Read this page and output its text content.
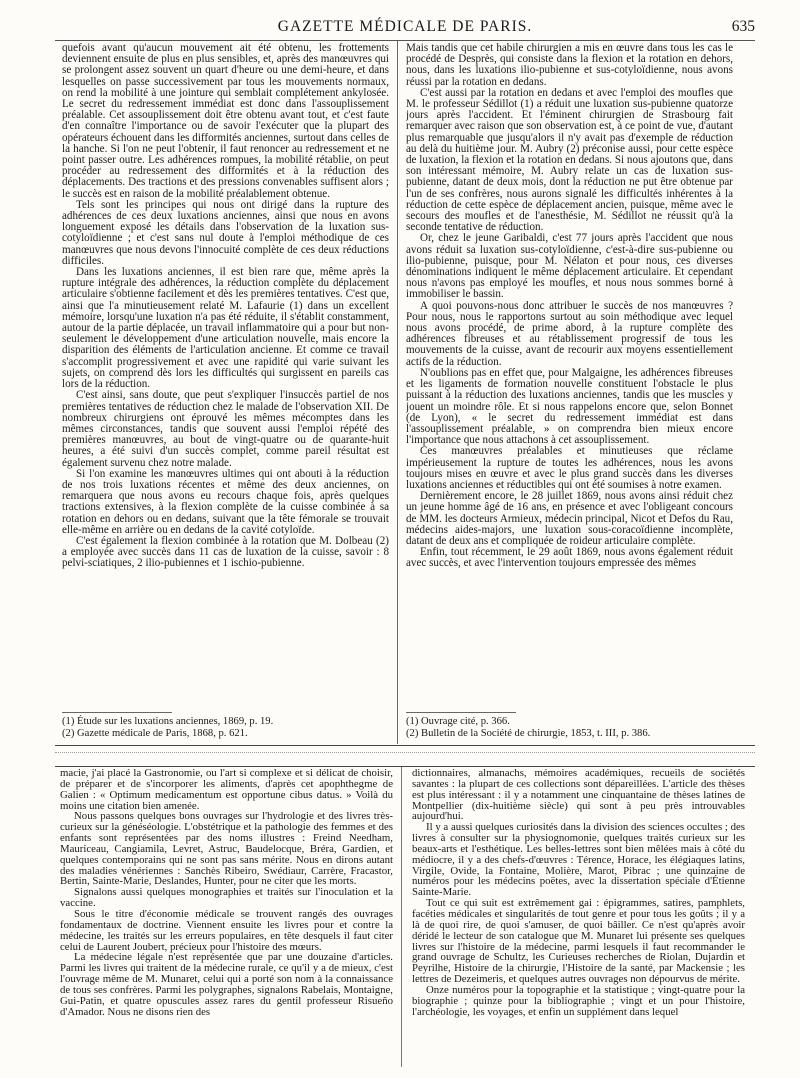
GAZETTE MÉDICALE DE PARIS.	635

quefois avant qu'aucun mouvement ait été obtenu, les frottements deviennent ensuite de plus en plus sensibles, et, après des manœuvres qui se prolongent assez souvent un quart d'heure ou une demi-heure, et dans lesquelles on passe successivement par tous les mouvements normaux, on rend la mobilité à une jointure qui semblait complétement ankylosée. Le secret du redressement immédiat est donc dans l'assouplissement préalable. Cet assouplissement doit être obtenu avant tout, et c'est faute d'en connaître l'importance ou de savoir l'exécuter que la plupart des opérateurs échouent dans les difformités anciennes, surtout dans celles de la hanche. Si l'on ne peut l'obtenir, il faut renoncer au redressement et ne point passer outre. Les adhérences rompues, la mobilité rétablie, on peut procéder au redressement des difformités et à la réduction des déplacements. Des tractions et des pressions convenables suffisent alors ; le succès est en raison de la mobilité préalablement obtenue.

Tels sont les principes qui nous ont dirigé dans la rupture des adhérences de ces deux luxations anciennes, ainsi que nous en avons longuement exposé les détails dans l'observation de la luxation sus-cotyloïdienne ; et c'est sans nul doute à l'emploi méthodique de ces manœuvres que nous devons l'innocuité complète de ces deux réductions difficiles.

Dans les luxations anciennes, il est bien rare que, même après la rupture intégrale des adhérences, la réduction complète du déplacement articulaire s'obtienne facilement et dès les premières tentatives. C'est que, ainsi que l'a minutieusement relaté M. Lafaurie (1) dans un excellent mémoire, lorsqu'une luxation n'a pas été réduite, il s'établit constamment, autour de la partie déplacée, un travail inflammatoire qui a pour but non-seulement le développement d'une articulation nouvelle, mais encore la disparition des éléments de l'articulation ancienne. Et comme ce travail s'accomplit progressivement et avec une rapidité qui varie suivant les sujets, on comprend dès lors les difficultés qui surgissent en pareils cas lors de la réduction.

C'est ainsi, sans doute, que peut s'expliquer l'insuccès partiel de nos premières tentatives de réduction chez le malade de l'observation XII. De nombreux chirurgiens ont éprouvé les mêmes mécomptes dans les mêmes circonstances, tandis que souvent aussi l'emploi répété des premières manœuvres, au bout de vingt-quatre ou de quarante-huit heures, a été suivi d'un succès complet, comme pareil résultat est également survenu chez notre malade.

Si l'on examine les manœuvres ultimes qui ont abouti à la réduction de nos trois luxations récentes et même des deux anciennes, on remarquera que nous avons eu recours chaque fois, après quelques tractions extensives, à la flexion complète de la cuisse combinée à sa rotation en dehors ou en dedans, suivant que la tête fémorale se trouvait elle-même en arrière ou en dedans de la cavité cotyloïde.

C'est également la flexion combinée à la rotation que M. Dolbeau (2) a employée avec succès dans 11 cas de luxation de la cuisse, savoir : 8 pelvi-sciatiques, 2 ilio-pubiennes et 1 ischio-pubienne.

Mais tandis que cet habile chirurgien a mis en œuvre dans tous les cas le procédé de Desprès, qui consiste dans la flexion et la rotation en dehors, nous, dans les luxations ilio-pubienne et sus-cotyloïdienne, nous avons réussi par la rotation en dedans.

C'est aussi par la rotation en dedans et avec l'emploi des moufles que M. le professeur Sédillot (1) a réduit une luxation sus-pubienne quatorze jours après l'accident. Et l'éminent chirurgien de Strasbourg fait remarquer avec raison que son observation est, à ce point de vue, d'autant plus remarquable que jusqu'alors il n'y avait pas d'exemple de réduction au delà du huitième jour. M. Aubry (2) préconise aussi, pour cette espèce de luxation, la flexion et la rotation en dedans. Si nous ajoutons que, dans son intéressant mémoire, M. Aubry relate un cas de luxation sus-pubienne, datant de deux mois, dont la réduction ne put être obtenue par l'un de ses confrères, nous aurons signalé les difficultés inhérentes à la réduction de cette espèce de déplacement ancien, puisque, même avec le secours des moufles et de l'anesthésie, M. Sédillot ne réussit qu'à la seconde tentative de réduction.

Or, chez le jeune Garibaldi, c'est 77 jours après l'accident que nous avons réduit sa luxation sus-cotyloïdienne, c'est-à-dire sus-pubienne ou ilio-pubienne, puisque, pour M. Nélaton et pour nous, ces diverses dénominations indiquent le même déplacement articulaire. Et cependant nous n'avons pas employé les moufles, et nous nous sommes borné à immobiliser le bassin.

A quoi pouvons-nous donc attribuer le succès de nos manœuvres ? Pour nous, nous le rapportons surtout au soin méthodique avec lequel nous avons procédé, de prime abord, à la rupture complète des adhérences fibreuses et au rétablissement progressif de tous les mouvements de la cuisse, avant de recourir aux moyens essentiellement actifs de la réduction.

N'oublions pas en effet que, pour Malgaigne, les adhérences fibreuses et les ligaments de formation nouvelle constituent l'obstacle le plus puissant à la réduction des luxations anciennes, tandis que les muscles y jouent un moindre rôle. Et si nous rappelons encore que, selon Bonnet (de Lyon), « le secret du redressement immédiat est dans l'assouplissement préalable, » on comprendra bien mieux encore l'importance que nous attachons à cet assouplissement.

Ces manœuvres préalables et minutieuses que réclame impérieusement la rupture de toutes les adhérences, nous les avons toujours mises en œuvre et avec le plus grand succès dans les diverses luxations anciennes et réductibles qui ont été soumises à notre examen.

Dernièrement encore, le 28 juillet 1869, nous avons ainsi réduit chez un jeune homme âgé de 16 ans, en présence et avec l'obligeant concours de MM. les docteurs Armieux, médecin principal, Nicot et Defos du Rau, médecins aides-majors, une luxation sous-coracoïdienne incomplète, datant de deux ans et compliquée de roideur articulaire complète.

Enfin, tout récemment, le 29 août 1869, nous avons également réduit avec succès, et avec l'intervention toujours empressée des mêmes

(1) Étude sur les luxations anciennes, 1869, p. 19.
(2) Gazette médicale de Paris, 1868, p. 621.
(1) Ouvrage cité, p. 366.
(2) Bulletin de la Société de chirurgie, 1853, t. III, p. 386.

macie, j'ai placé la Gastronomie, ou l'art si complexe et si délicat de choisir, de préparer et de s'incorporer les aliments, d'après cet apophthegme de Galien : « Optimum medicamentum est opportune cibus datus. » Voilà du moins une citation bien amenée.

Nous passons quelques bons ouvrages sur l'hydrologie et des livres très-curieux sur la généséologie. L'obstétrique et la pathologie des femmes et des enfants sont représentées par des noms illustres : Freind Needham, Mauriceau, Cangiamila, Levret, Astruc, Baudelocque, Bréra, Gardien, et quelques contemporains qui ne sont pas sans mérite. Nous en dirons autant des maladies vénériennes : Sanchès Ribeiro, Swédiaur, Carrère, Fracastor, Bertin, Sainte-Marie, Deslandes, Hunter, pour ne citer que les morts.

Signalons aussi quelques monographies et traités sur l'inoculation et la vaccine.

Sous le titre d'économie médicale se trouvent rangés des ouvrages fondamentaux de doctrine. Viennent ensuite les livres pour et contre la médecine, les traités sur les erreurs populaires, en tête desquels il faut citer celui de Laurent Joubert, précieux pour l'histoire des mœurs.

La médecine légale n'est représentée que par une douzaine d'articles. Parmi les livres qui traitent de la médecine rurale, ce qu'il y a de mieux, c'est l'ouvrage même de M. Munaret, celui qui a porté son nom à la connaissance de tous ses confrères. Parmi les polygraphes, signalons Rabelais, Montaigne, Gui-Patin, et quatre opuscules assez rares du gentil professeur Risueño d'Amador. Nous ne disons rien des

dictionnaires, almanachs, mémoires académiques, recueils de sociétés savantes : la plupart de ces collections sont dépareillées. L'article des thèses est plus intéressant : il y a notamment une cinquantaine de thèses latines de Montpellier (dix-huitième siècle) qui sont à peu près introuvables aujourd'hui.

Il y a aussi quelques curiosités dans la division des sciences occultes ; des livres à consulter sur la physiognomonie, quelques traités curieux sur les beaux-arts et l'esthétique. Les belles-lettres sont bien mêlées mais à côté du médiocre, il y a des chefs-d'œuvres : Térence, Horace, les élégiaques latins, Virgile, Ovide, la Fontaine, Molière, Marot, Pibrac ; une quinzaine de numéros pour les médecins poëtes, avec la dissertation spéciale d'Étienne Sainte-Marie.

Tout ce qui suit est extrêmement gai : épigrammes, satires, pamphlets, facéties médicales et singularités de tout genre et pour tous les goûts ; il y a là de quoi rire, de quoi s'amuser, de quoi bâiller. Ce n'est qu'après avoir déridé le lecteur de son catalogue que M. Munaret lui présente ses quelques livres sur l'histoire de la médecine, parmi lesquels il faut recommander le grand ouvrage de Schultz, les Curieuses recherches de Riolan, Dujardin et Peyrilhe, Histoire de la chirurgie, l'Histoire de la santé, par Mackensie ; les lettres de Dezeimeris, et quelques autres ouvrages non dépourvus de mérite.

Onze numéros pour la topographie et la statistique ; vingt-quatre pour la biographie ; quinze pour la bibliographie ; vingt et un pour l'histoire, l'archéologie, les voyages, et enfin un supplément dans lequel
